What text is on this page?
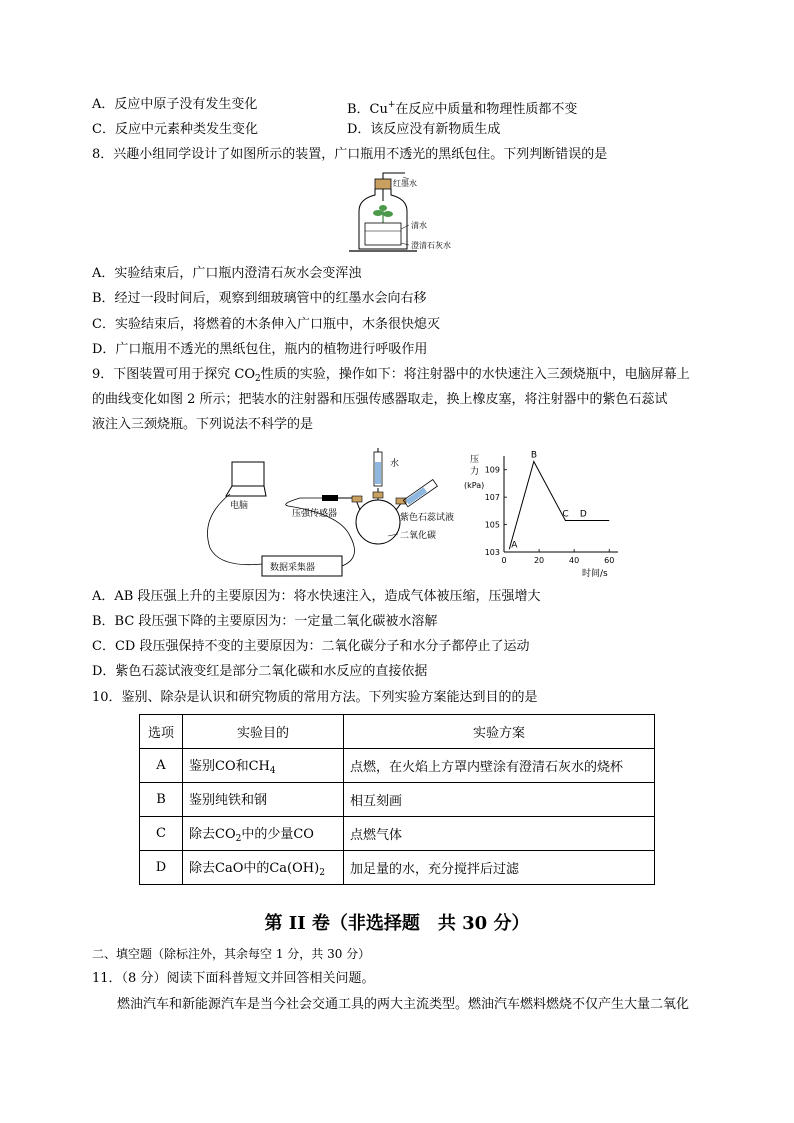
A．反应中原子没有发生变化	B．Cu+在反应中质量和物理性质都不变
C．反应中元素种类发生变化	D．该反应没有新物质生成
8．兴趣小组同学设计了如图所示的装置，广口瓶用不透光的黑纸包住。下列判断错误的是
红墨水
清水
澄清石灰水
A．实验结束后，广口瓶内澄清石灰水会变浑浊
B．经过一段时间后，观察到细玻璃管中的红墨水会向右移
C．实验结束后，将燃着的木条伸入广口瓶中，木条很快熄灭
D．广口瓶用不透光的黑纸包住，瓶内的植物进行呼吸作用
9．下图装置可用于探究 $CO_2$性质的实验，操作如下：将注射器中的水快速注入三颈烧瓶中，电脑屏幕上
的曲线变化如图 2 所示；把装水的注射器和压强传感器取走，换上橡皮塞，将注射器中的紫色石蕊试
液注入三颈烧瓶。下列说法不科学的是
电脑
数据采集器
压强传感器
水
紫色石蕊试液
二氧化碳
压
力
(kPa)
103
105
107
109
0	20	40	60
A
B
C D
时间/s
A．AB 段压强上升的主要原因为：将水快速注入，造成气体被压缩，压强增大
B．BC 段压强下降的主要原因为：一定量二氧化碳被水溶解
C．CD 段压强保持不变的主要原因为：二氧化碳分子和水分子都停止了运动
D．紫色石蕊试液变红是部分二氧化碳和水反应的直接依据
10．鉴别、除杂是认识和研究物质的常用方法。下列实验方案能达到目的的是
选项	实验目的	实验方案
A	鉴别CO和$CH_4$	点燃，在火焰上方罩内壁涂有澄清石灰水的烧杯
B	鉴别纯铁和钢	相互刻画
C	除去$CO_2$中的少量CO	点燃气体
D	除去CaO中的$Ca(OH)_2$	加足量的水，充分搅拌后过滤
第 II 卷（非选择题　共 30 分）
二、填空题（除标注外，其余每空 1 分，共 30 分）
11．（8 分）阅读下面科普短文并回答相关问题。
燃油汽车和新能源汽车是当今社会交通工具的两大主流类型。燃油汽车燃料燃烧不仅产生大量二氧化
